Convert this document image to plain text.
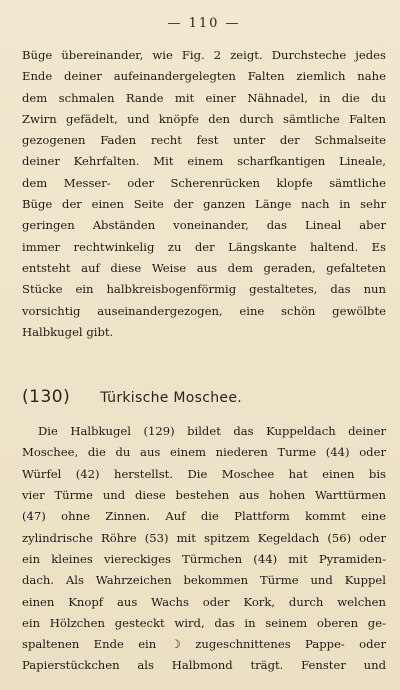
— 110 —

Büge übereinander, wie Fig. 2 zeigt. Durchsteche jedes
Ende deiner aufeinandergelegten Falten ziemlich nahe
dem schmalen Rande mit einer Nähnadel, in die du
Zwirn gefädelt, und knöpfe den durch sämtliche Falten
gezogenen Faden recht fest unter der Schmalseite
deiner Kehrfalten. Mit einem scharfkantigen Lineale,
dem Messer- oder Scherenrücken klopfe sämtliche
Büge der einen Seite der ganzen Länge nach in sehr
geringen Abständen voneinander, das Lineal aber
immer rechtwinkelig zu der Längskante haltend. Es
entsteht auf diese Weise aus dem geraden, gefalteten
Stücke ein halbkreisbogenförmig gestaltetes, das nun
vorsichtig auseinandergezogen, eine schön gewölbte
Halbkugel gibt.

(130) Türkische Moschee.

Die Halbkugel (129) bildet das Kuppeldach deiner
Moschee, die du aus einem niederen Turme (44) oder
Würfel (42) herstellst. Die Moschee hat einen bis
vier Türme und diese bestehen aus hohen Warttürmen
(47) ohne Zinnen. Auf die Plattform kommt eine
zylindrische Röhre (53) mit spitzem Kegeldach (56) oder
ein kleines viereckiges Türmchen (44) mit Pyramiden-
dach. Als Wahrzeichen bekommen Türme und Kuppel
einen Knopf aus Wachs oder Kork, durch welchen
ein Hölzchen gesteckt wird, das in seinem oberen ge-
spaltenen Ende ein ☽ zugeschnittenes Pappe- oder
Papierstückchen als Halbmond trägt. Fenster und
